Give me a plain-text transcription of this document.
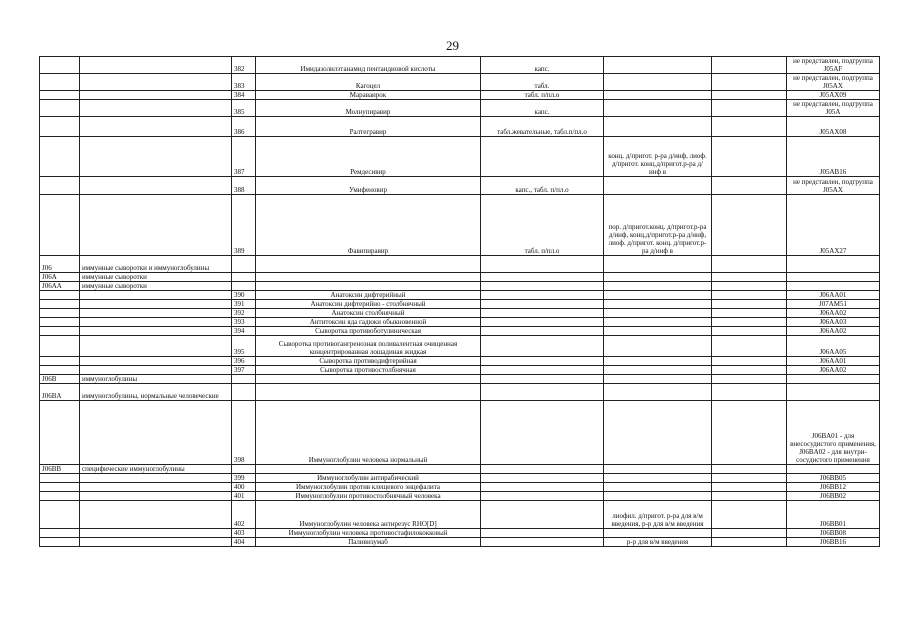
29
		382	Имидазолилэтанамид пентандиовой кислоты	капс.			не представлен, подгруппа J05AF
		383	Кагоцел	табл.			не представлен, подгруппа J05AX
		384	Мараваирок	табл. п/пл.о			J05AX09
		385	Молнупиравир	капс.			не представлен, подгруппа J05A
		386	Ралтегравир	табл.жевательные, табл.п/пл.о			J05AX08
		387	Ремдесивир		конц. д/пригот. р-ра д/инф, лиоф. д/пригот. конц.д/пригот.р-ра д/инф в		J05AB16
		388	Умифеновир	капс., табл. п/пл.о			не представлен, подгруппа J05AX
		389	Фавипиравир	табл. п/пл.о	пор. д/пригот.конц. д/пригот.р-ра д/инф, конц.д/пригот.р-ра д/инф, лиоф. д/пригот. конц. д/пригот.р-ра д/инф в		J05AX27
J06	иммунные сыворотки и иммуноглобулины						
J06A	иммунные сыворотки						
J06AA	иммунные сыворотки						
		390	Анатоксин дифтерийный				J06AA01
		391	Анатоксин дифтерийно - столбнячный				J07AM51
		392	Анатоксин столбнячный				J06AA02
		393	Антитоксин яда гадюки обыкновенной				J06AA03
		394	Сыворотка противоботулиническая				J06AA02
		395	Сыворотка противогангренозная поливалентная очищенная концентрированная лошадиная жидкая				J06AA05
		396	Сыворотка противодифтерийная				J06AA01
		397	Сыворотка противостолбнячная				J06AA02
J06B	иммуноглобулины						
J06BA	иммуноглобулины, нормальные человеческие						
		398	Иммуноглобулин человека нормальный				J06BA01 - для внесосудистого применения, J06BA02 - для внутри-сосудистого применения
J06BB	специфические иммуноглобулины						
		399	Иммуноглобулин антирабический				J06BB05
		400	Иммуноглобулин против клещевого энцефалита				J06BB12
		401	Иммуноглобулин противостолбнячный человека				J06BB02
		402	Иммуноглобулин человека антирезус RHO[D]		лиофил. д/пригот. р-ра для в/м введения, р-р для в/м введения		J06BB01
		403	Иммуноглобулин человека противостафилококковый				J06BB08
		404	Паливизумаб		р-р для в/м введения		J06BB16
